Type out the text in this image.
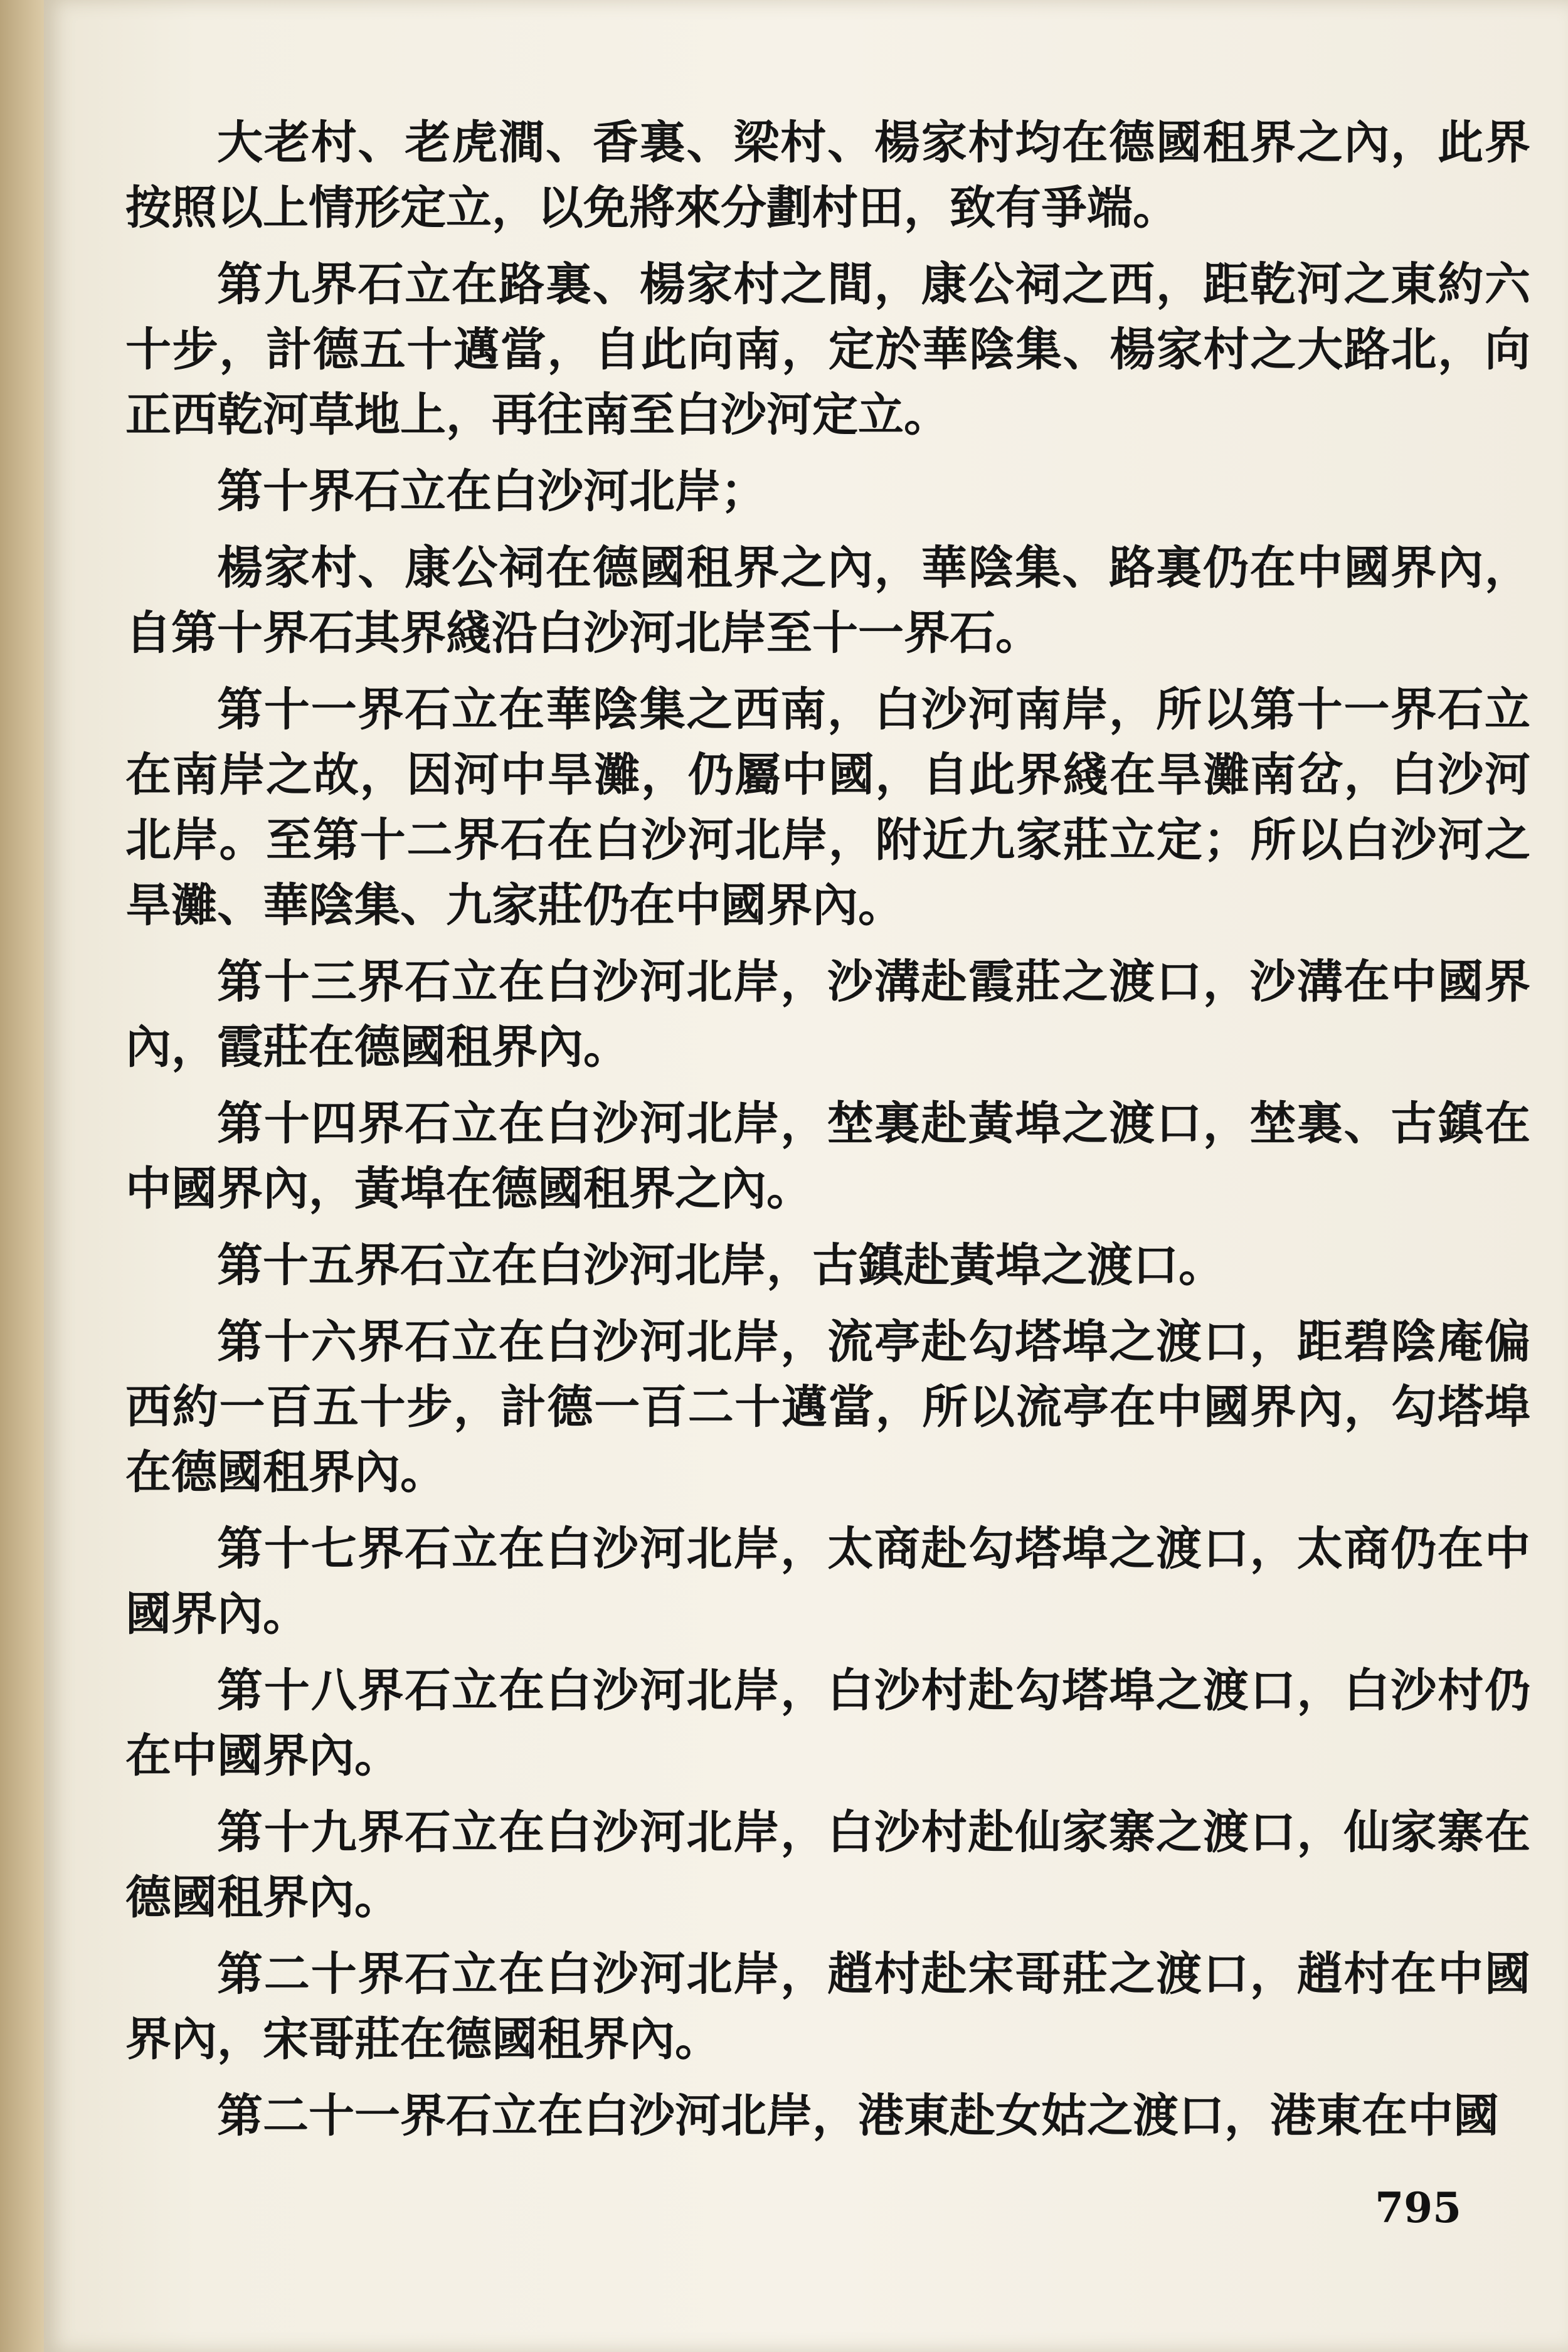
大老村、老虎澗、香裏、梁村、楊家村均在德國租界之內，此界按照以上情形定立，以免將來分劃村田，致有爭端。

第九界石立在路裏、楊家村之間，康公祠之西，距乾河之東約六十步，計德五十邁當，自此向南，定於華陰集、楊家村之大路北，向正西乾河草地上，再往南至白沙河定立。

第十界石立在白沙河北岸；

楊家村、康公祠在德國租界之內，華陰集、路裏仍在中國界內，自第十界石其界綫沿白沙河北岸至十一界石。

第十一界石立在華陰集之西南，白沙河南岸，所以第十一界石立在南岸之故，因河中旱灘，仍屬中國，自此界綫在旱灘南岔，白沙河北岸。至第十二界石在白沙河北岸，附近九家莊立定；所以白沙河之旱灘、華陰集、九家莊仍在中國界內。

第十三界石立在白沙河北岸，沙溝赴霞莊之渡口，沙溝在中國界內，霞莊在德國租界內。

第十四界石立在白沙河北岸，埜裏赴黃埠之渡口，埜裏、古鎮在中國界內，黃埠在德國租界之內。

第十五界石立在白沙河北岸，古鎮赴黃埠之渡口。

第十六界石立在白沙河北岸，流亭赴勾塔埠之渡口，距碧陰庵偏西約一百五十步，計德一百二十邁當，所以流亭在中國界內，勾塔埠在德國租界內。

第十七界石立在白沙河北岸，太商赴勾塔埠之渡口，太商仍在中國界內。

第十八界石立在白沙河北岸，白沙村赴勾塔埠之渡口，白沙村仍在中國界內。

第十九界石立在白沙河北岸，白沙村赴仙家寨之渡口，仙家寨在德國租界內。

第二十界石立在白沙河北岸，趙村赴宋哥莊之渡口，趙村在中國界內，宋哥莊在德國租界內。

第二十一界石立在白沙河北岸，港東赴女姑之渡口，港東在中國

795
